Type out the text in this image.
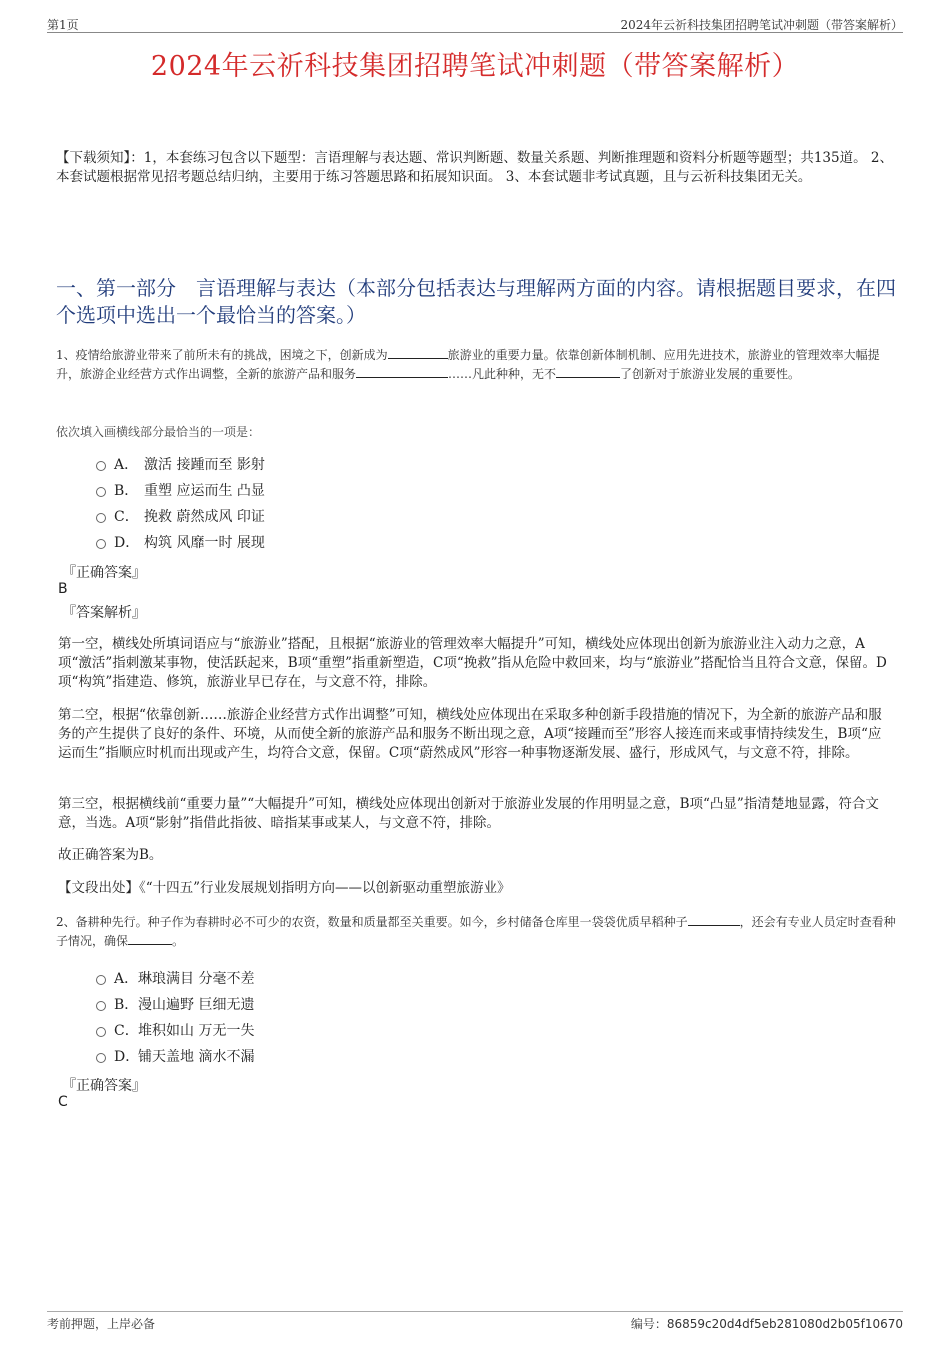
第1页	2024年云祈科技集团招聘笔试冲刺题（带答案解析）
2024年云祈科技集团招聘笔试冲刺题（带答案解析）
【下载须知】：1，本套练习包含以下题型：言语理解与表达题、常识判断题、数量关系题、判断推理题和资料分析题等题型；共135道。 2、本套试题根据常见招考题总结归纳，主要用于练习答题思路和拓展知识面。 3、本套试题非考试真题，且与云祈科技集团无关。
一、第一部分　言语理解与表达（本部分包括表达与理解两方面的内容。请根据题目要求，在四个选项中选出一个最恰当的答案。）
1、疫情给旅游业带来了前所未有的挑战，困境之下，创新成为	旅游业的重要力量。依靠创新体制机制、应用先进技术，旅游业的管理效率大幅提升，旅游企业经营方式作出调整，全新的旅游产品和服务	……凡此种种，无不	了创新对于旅游业发展的重要性。
依次填入画横线部分最恰当的一项是：
A． 激活 接踵而至 影射
B． 重塑 应运而生 凸显
C． 挽救 蔚然成风 印证
D． 构筑 风靡一时 展现
『正确答案』
B
『答案解析』
第一空，横线处所填词语应与“旅游业”搭配，且根据“旅游业的管理效率大幅提升”可知，横线处应体现出创新为旅游业注入动力之意，A项“激活”指刺激某事物，使活跃起来，B项“重塑”指重新塑造，C项“挽救”指从危险中救回来，均与“旅游业”搭配恰当且符合文意，保留。D项“构筑”指建造、修筑，旅游业早已存在，与文意不符，排除。
第二空，根据“依靠创新……旅游企业经营方式作出调整”可知，横线处应体现出在采取多种创新手段措施的情况下，为全新的旅游产品和服务的产生提供了良好的条件、环境，从而使全新的旅游产品和服务不断出现之意，A项“接踵而至”形容人接连而来或事情持续发生，B项“应运而生”指顺应时机而出现或产生，均符合文意，保留。C项“蔚然成风”形容一种事物逐渐发展、盛行，形成风气，与文意不符，排除。
第三空，根据横线前“重要力量”“大幅提升”可知，横线处应体现出创新对于旅游业发展的作用明显之意，B项“凸显”指清楚地显露，符合文意，当选。A项“影射”指借此指彼、暗指某事或某人，与文意不符，排除。
故正确答案为B。
【文段出处】《“十四五”行业发展规划指明方向——以创新驱动重塑旅游业》
2、备耕种先行。种子作为春耕时必不可少的农资，数量和质量都至关重要。如今，乡村储备仓库里一袋袋优质早稻种子	，还会有专业人员定时查看种子情况，确保	。
A．琳琅满目 分毫不差
B．漫山遍野 巨细无遗
C．堆积如山 万无一失
D．铺天盖地 滴水不漏
『正确答案』
C
考前押题，上岸必备	编号：86859c20d4df5eb281080d2b05f10670
